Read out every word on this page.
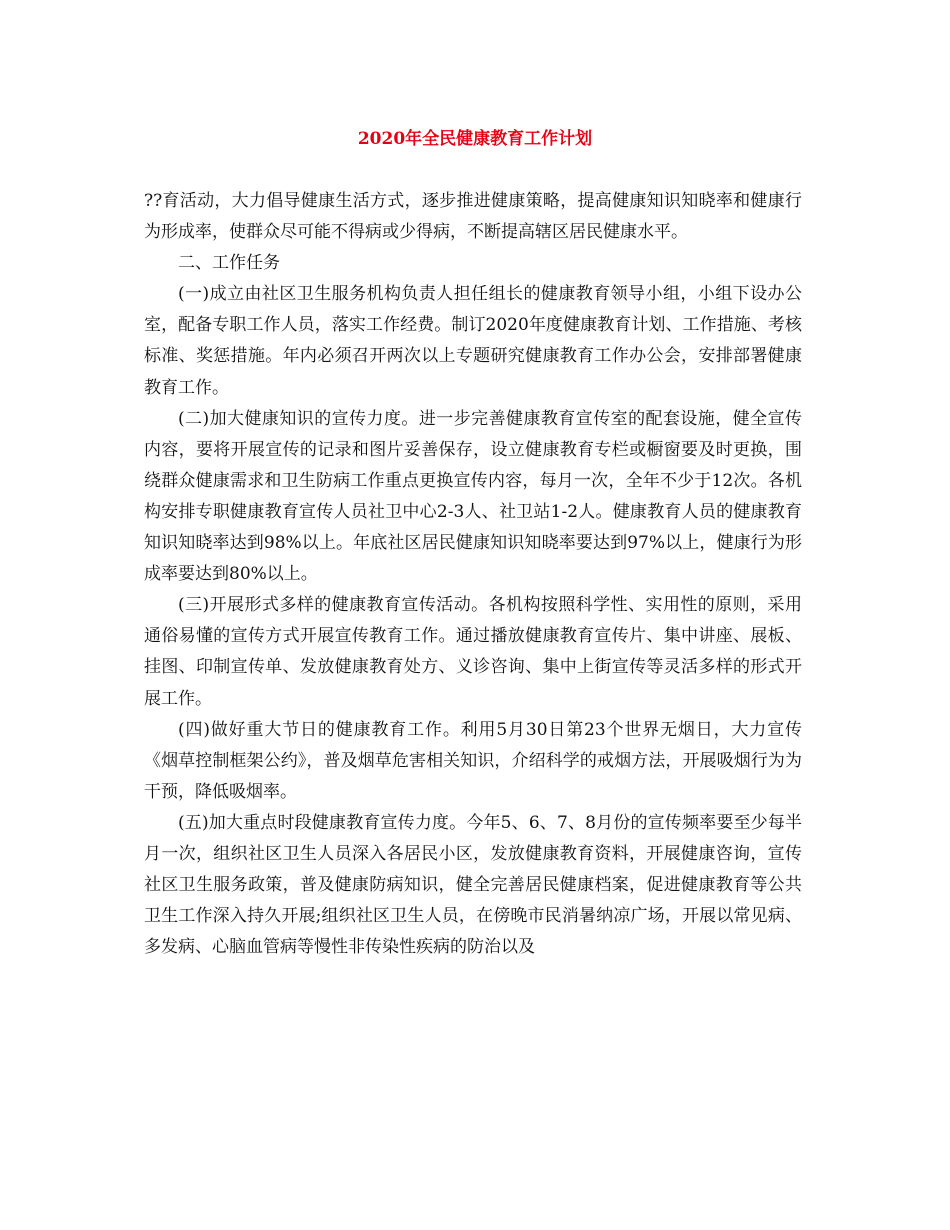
2020年全民健康教育工作计划

??育活动，大力倡导健康生活方式，逐步推进健康策略，提高健康知识知晓率和健康行为形成率，使群众尽可能不得病或少得病，不断提高辖区居民健康水平。

二、工作任务

(一)成立由社区卫生服务机构负责人担任组长的健康教育领导小组，小组下设办公室，配备专职工作人员，落实工作经费。制订2020年度健康教育计划、工作措施、考核标准、奖惩措施。年内必须召开两次以上专题研究健康教育工作办公会，安排部署健康教育工作。

(二)加大健康知识的宣传力度。进一步完善健康教育宣传室的配套设施，健全宣传内容，要将开展宣传的记录和图片妥善保存，设立健康教育专栏或橱窗要及时更换，围绕群众健康需求和卫生防病工作重点更换宣传内容，每月一次，全年不少于12次。各机构安排专职健康教育宣传人员社卫中心2-3人、社卫站1-2人。健康教育人员的健康教育知识知晓率达到98%以上。年底社区居民健康知识知晓率要达到97%以上，健康行为形成率要达到80%以上。

(三)开展形式多样的健康教育宣传活动。各机构按照科学性、实用性的原则，采用通俗易懂的宣传方式开展宣传教育工作。通过播放健康教育宣传片、集中讲座、展板、挂图、印制宣传单、发放健康教育处方、义诊咨询、集中上街宣传等灵活多样的形式开展工作。

(四)做好重大节日的健康教育工作。利用5月30日第23个世界无烟日，大力宣传《烟草控制框架公约》，普及烟草危害相关知识，介绍科学的戒烟方法，开展吸烟行为为干预，降低吸烟率。

(五)加大重点时段健康教育宣传力度。今年5、6、7、8月份的宣传频率要至少每半月一次，组织社区卫生人员深入各居民小区，发放健康教育资料，开展健康咨询，宣传社区卫生服务政策，普及健康防病知识，健全完善居民健康档案，促进健康教育等公共卫生工作深入持久开展;组织社区卫生人员，在傍晚市民消暑纳凉广场，开展以常见病、多发病、心脑血管病等慢性非传染性疾病的防治以及
